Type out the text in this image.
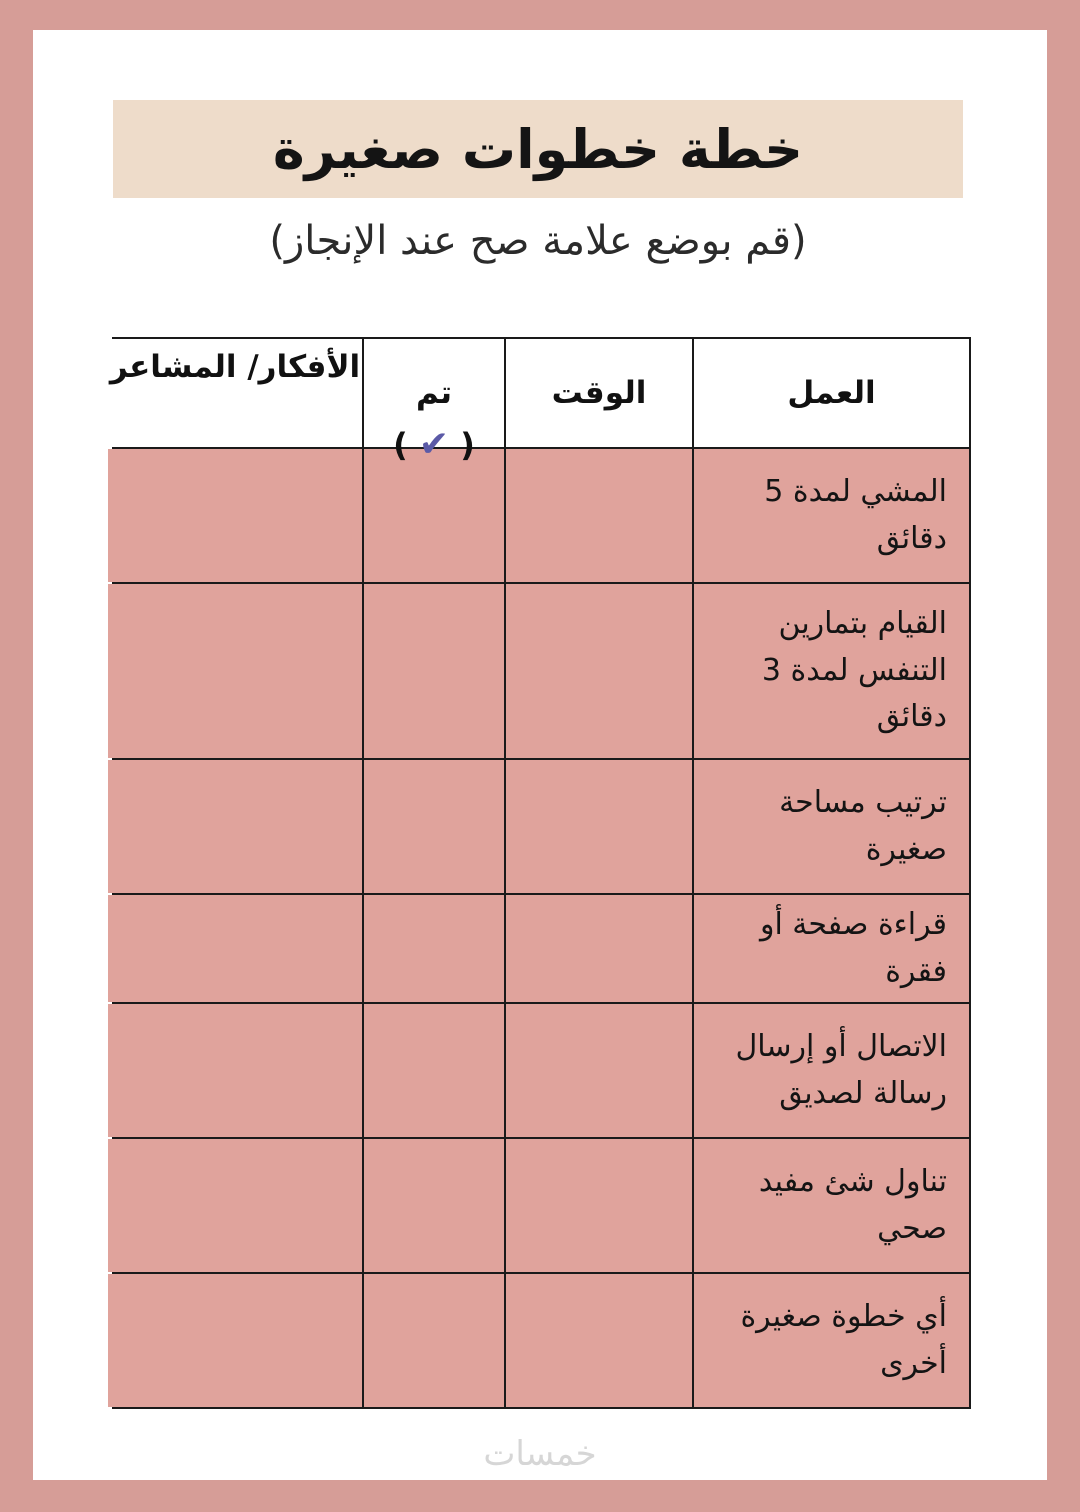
خطة خطوات صغيرة
(قم بوضع علامة صح عند الإنجاز)
العمل
الوقت
تم
( ✔ )
الأفكار/ المشاعر
المشي لمدة 5 دقائق
القيام بتمارين التنفس لمدة 3 دقائق
ترتيب مساحة صغيرة
قراءة صفحة أو فقرة
الاتصال أو إرسال رسالة لصديق
تناول شئ مفيد صحي
أي خطوة صغيرة أخرى
خمسات
